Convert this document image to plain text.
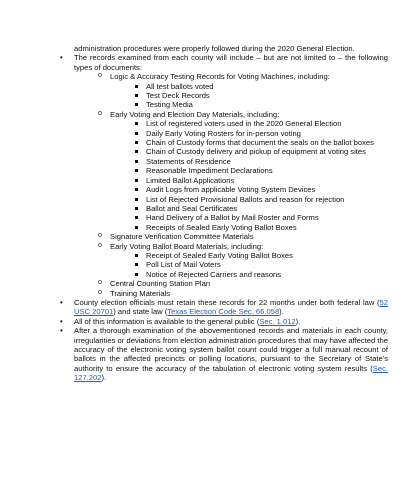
administration procedures were properly followed during the 2020 General Election.

• The records examined from each county will include – but are not limited to – the following types of documents:
o Logic & Accuracy Testing Records for Voting Machines, including:
All test ballots voted
Test Deck Records
Testing Media
o Early Voting and Election Day Materials, including:
List of registered voters used in the 2020 General Election
Daily Early Voting Rosters for in-person voting
Chain of Custody forms that document the seals on the ballot boxes
Chain of Custody delivery and pickup of equipment at voting sites
Statements of Residence
Reasonable Impediment Declarations
Limited Ballot Applications
Audit Logs from applicable Voting System Devices
List of Rejected Provisional Ballots and reason for rejection
Ballot and Seal Certificates
Hand Delivery of a Ballot by Mail Roster and Forms
Receipts of Sealed Early Voting Ballot Boxes
o Signature Verification Committee Materials
o Early Voting Ballot Board Materials, including:
Receipt of Sealed Early Voting Ballot Boxes
Poll List of Mail Voters
Notice of Rejected Carriers and reasons
o Central Counting Station Plan
o Training Materials
• County election officials must retain these records for 22 months under both federal law (52 USC 20701) and state law (Texas Election Code Sec. 66.058).
• All of this information is available to the general public (Sec. 1.012).
• After a thorough examination of the abovementioned records and materials in each county, irregularities or deviations from election administration procedures that may have affected the accuracy of the electronic voting system ballot count could trigger a full manual recount of ballots in the affected precincts or polling locations, pursuant to the Secretary of State's authority to ensure the accuracy of the tabulation of electronic voting system results (Sec. 127.202).
